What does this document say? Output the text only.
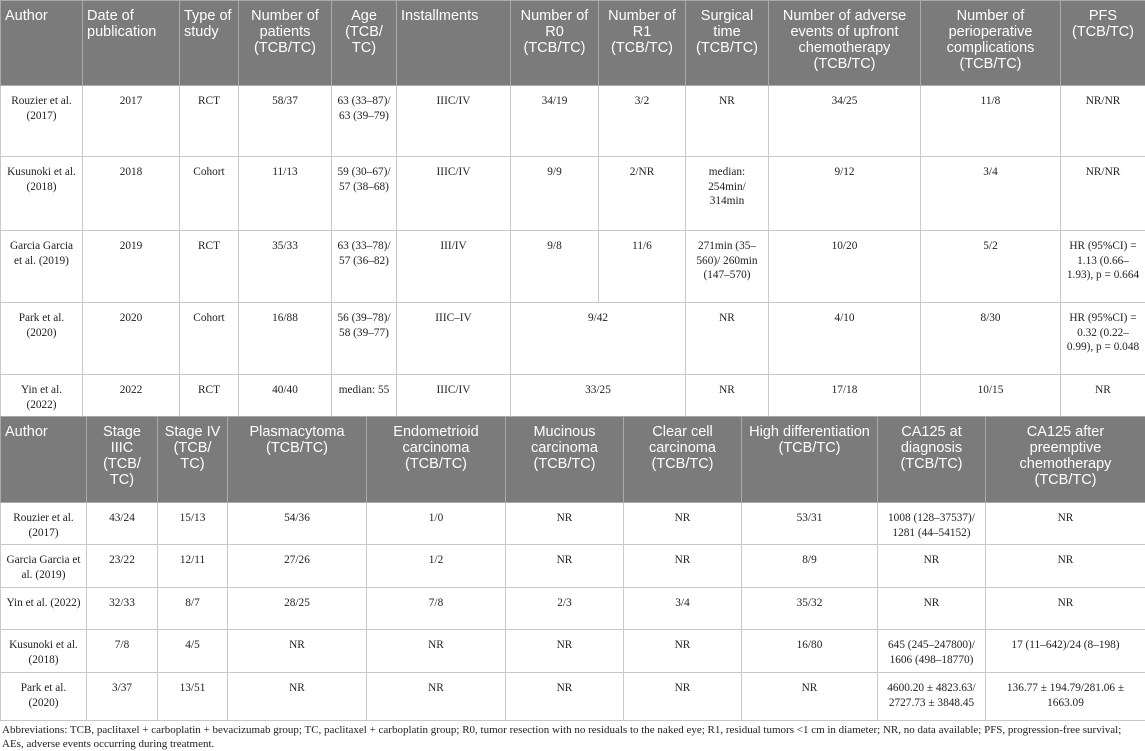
Author	Date of publication	Type of study	Number of patients (TCB/TC)	Age (TCB/ TC)	Installments	Number of R0 (TCB/TC)	Number of R1 (TCB/TC)	Surgical time (TCB/TC)	Number of adverse events of upfront chemotherapy (TCB/TC)	Number of perioperative complications (TCB/TC)	PFS (TCB/TC)
Rouzier et al. (2017)	2017	RCT	58/37	63 (33–87)/ 63 (39–79)	IIIC/IV	34/19	3/2	NR	34/25	11/8	NR/NR
Kusunoki et al. (2018)	2018	Cohort	11/13	59 (30–67)/ 57 (38–68)	IIIC/IV	9/9	2/NR	median: 254min/ 314min	9/12	3/4	NR/NR
Garcia Garcia et al. (2019)	2019	RCT	35/33	63 (33–78)/ 57 (36–82)	III/IV	9/8	11/6	271min (35–560)/ 260min (147–570)	10/20	5/2	HR (95%CI) = 1.13 (0.66–1.93), p = 0.664
Park et al. (2020)	2020	Cohort	16/88	56 (39–78)/ 58 (39–77)	IIIC–IV	9/42		NR	4/10	8/30	HR (95%CI) = 0.32 (0.22–0.99), p = 0.048
Yin et al. (2022)	2022	RCT	40/40	median: 55	IIIC/IV	33/25		NR	17/18	10/15	NR
Author	Stage IIIC (TCB/ TC)	Stage IV (TCB/ TC)	Plasmacytoma (TCB/TC)	Endometrioid carcinoma (TCB/TC)	Mucinous carcinoma (TCB/TC)	Clear cell carcinoma (TCB/TC)	High differentiation (TCB/TC)	CA125 at diagnosis (TCB/TC)	CA125 after preemptive chemotherapy (TCB/TC)
Rouzier et al. (2017)	43/24	15/13	54/36	1/0	NR	NR	53/31	1008 (128–37537)/ 1281 (44–54152)	NR
Garcia Garcia et al. (2019)	23/22	12/11	27/26	1/2	NR	NR	8/9	NR	NR
Yin et al. (2022)	32/33	8/7	28/25	7/8	2/3	3/4	35/32	NR	NR
Kusunoki et al. (2018)	7/8	4/5	NR	NR	NR	NR	16/80	645 (245–247800)/ 1606 (498–18770)	17 (11–642)/24 (8–198)
Park et al. (2020)	3/37	13/51	NR	NR	NR	NR	NR	4600.20 ± 4823.63/ 2727.73 ± 3848.45	136.77 ± 194.79/281.06 ± 1663.09
Abbreviations: TCB, paclitaxel + carboplatin + bevacizumab group; TC, paclitaxel + carboplatin group; R0, tumor resection with no residuals to the naked eye; R1, residual tumors <1 cm in diameter; NR, no data available; PFS, progression-free survival; AEs, adverse events occurring during treatment.
